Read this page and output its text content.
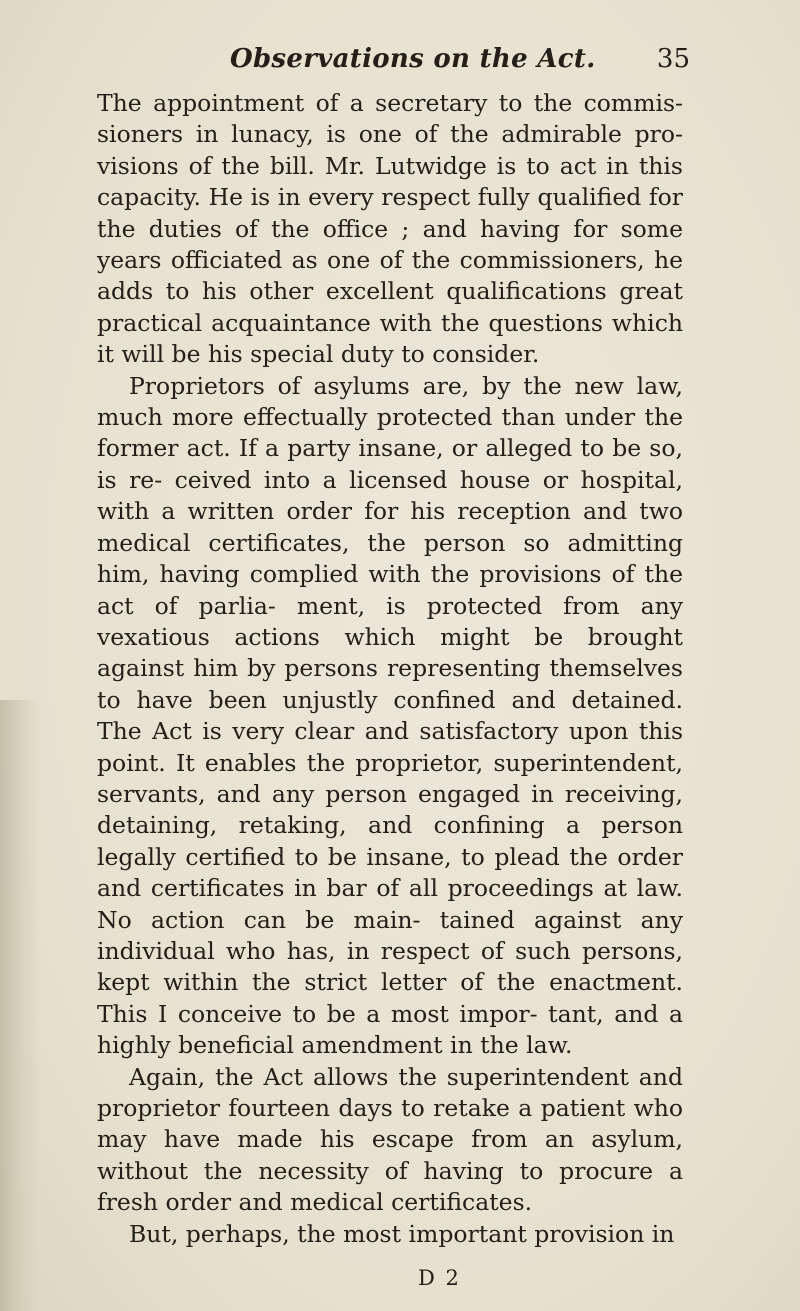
Observations on the Act. 35

The appointment of a secretary to the commis- sioners in lunacy, is one of the admirable pro- visions of the bill. Mr. Lutwidge is to act in this capacity. He is in every respect fully qualified for the duties of the office ; and having for some years officiated as one of the commissioners, he adds to his other excellent qualifications great practical acquaintance with the questions which it will be his special duty to consider.

Proprietors of asylums are, by the new law, much more effectually protected than under the former act. If a party insane, or alleged to be so, is re- ceived into a licensed house or hospital, with a written order for his reception and two medical certificates, the person so admitting him, having complied with the provisions of the act of parlia- ment, is protected from any vexatious actions which might be brought against him by persons representing themselves to have been unjustly confined and detained. The Act is very clear and satisfactory upon this point. It enables the proprietor, superintendent, servants, and any person engaged in receiving, detaining, retaking, and confining a person legally certified to be insane, to plead the order and certificates in bar of all proceedings at law. No action can be main- tained against any individual who has, in respect of such persons, kept within the strict letter of the enactment. This I conceive to be a most impor- tant, and a highly beneficial amendment in the law.

Again, the Act allows the superintendent and proprietor fourteen days to retake a patient who may have made his escape from an asylum, without the necessity of having to procure a fresh order and medical certificates.

But, perhaps, the most important provision in

D 2
